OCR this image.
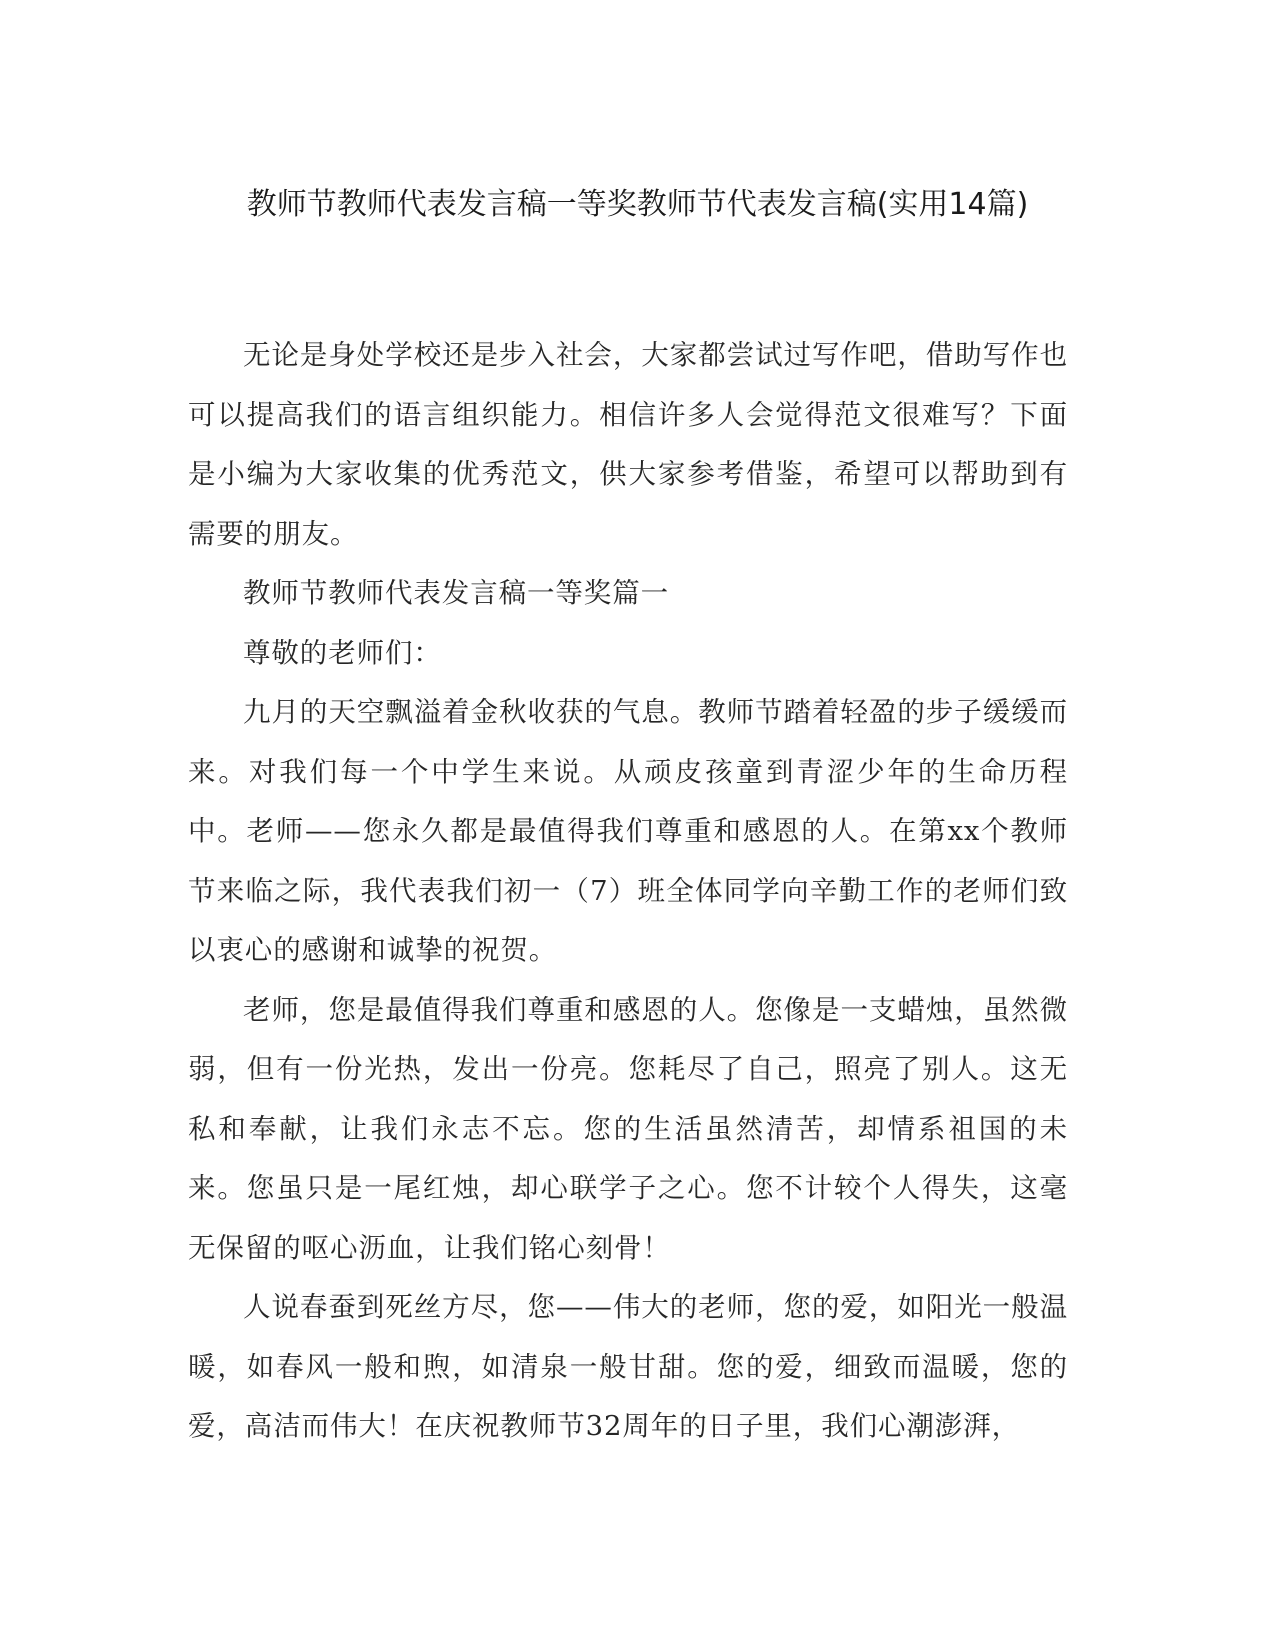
教师节教师代表发言稿一等奖教师节代表发言稿(实用14篇)

无论是身处学校还是步入社会，大家都尝试过写作吧，借助写作也可以提高我们的语言组织能力。相信许多人会觉得范文很难写？下面是小编为大家收集的优秀范文，供大家参考借鉴，希望可以帮助到有需要的朋友。

教师节教师代表发言稿一等奖篇一

尊敬的老师们：

九月的天空飘溢着金秋收获的气息。教师节踏着轻盈的步子缓缓而来。对我们每一个中学生来说。从顽皮孩童到青涩少年的生命历程中。老师——您永久都是最值得我们尊重和感恩的人。在第xx个教师节来临之际，我代表我们初一（7）班全体同学向辛勤工作的老师们致以衷心的感谢和诚挚的祝贺。

老师，您是最值得我们尊重和感恩的人。您像是一支蜡烛，虽然微弱，但有一份光热，发出一份亮。您耗尽了自己，照亮了别人。这无私和奉献，让我们永志不忘。您的生活虽然清苦，却情系祖国的未来。您虽只是一尾红烛，却心联学子之心。您不计较个人得失，这毫无保留的呕心沥血，让我们铭心刻骨！

人说春蚕到死丝方尽，您——伟大的老师，您的爱，如阳光一般温暖，如春风一般和煦，如清泉一般甘甜。您的爱，细致而温暖，您的爱，高洁而伟大！在庆祝教师节32周年的日子里，我们心潮澎湃，
